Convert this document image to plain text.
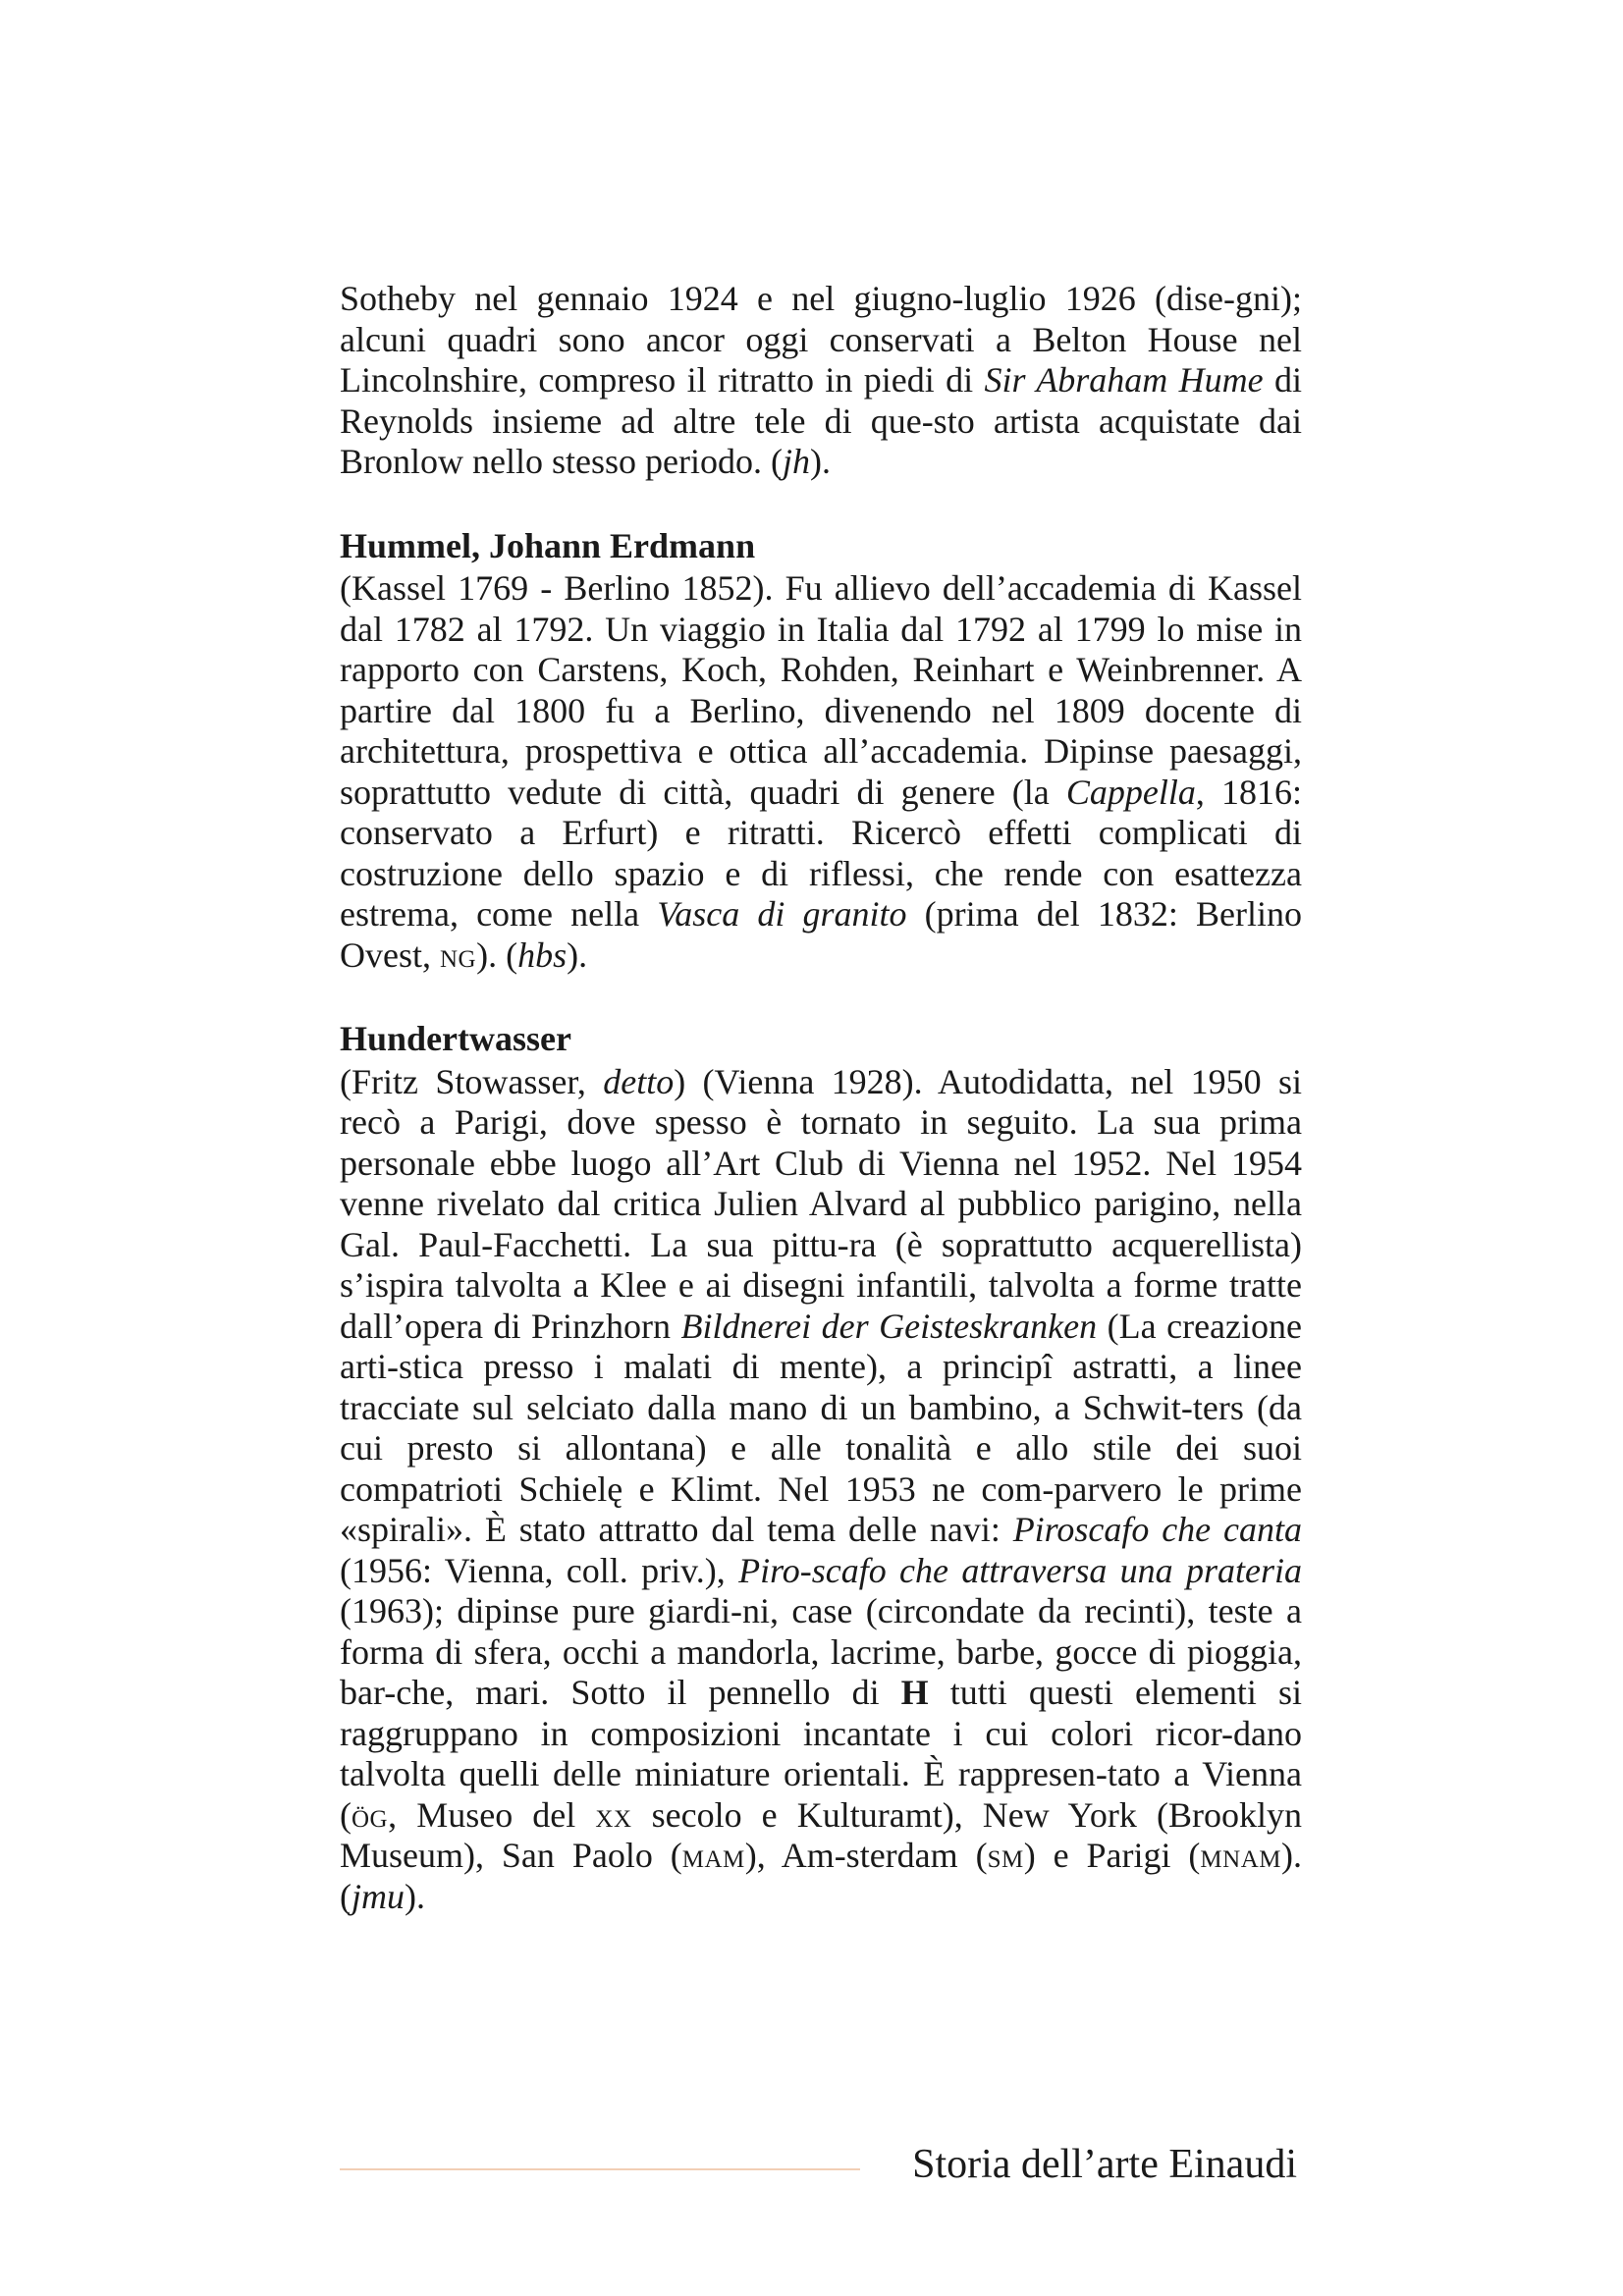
Sotheby nel gennaio 1924 e nel giugno-luglio 1926 (dise-gni); alcuni quadri sono ancor oggi conservati a Belton House nel Lincolnshire, compreso il ritratto in piedi di Sir Abraham Hume di Reynolds insieme ad altre tele di que-sto artista acquistate dai Bronlow nello stesso periodo. (jh).

Hummel, Johann Erdmann

(Kassel 1769 - Berlino 1852). Fu allievo dell’accademia di Kassel dal 1782 al 1792. Un viaggio in Italia dal 1792 al 1799 lo mise in rapporto con Carstens, Koch, Rohden, Reinhart e Weinbrenner. A partire dal 1800 fu a Berlino, divenendo nel 1809 docente di architettura, prospettiva e ottica all’accademia. Dipinse paesaggi, soprattutto vedute di città, quadri di genere (la Cappella, 1816: conservato a Erfurt) e ritratti. Ricercò effetti complicati di costruzione dello spazio e di riflessi, che rende con esattezza estrema, come nella Vasca di granito (prima del 1832: Berlino Ovest, ng). (hbs).

Hundertwasser

(Fritz Stowasser, detto) (Vienna 1928). Autodidatta, nel 1950 si recò a Parigi, dove spesso è tornato in seguito. La sua prima personale ebbe luogo all’Art Club di Vienna nel 1952. Nel 1954 venne rivelato dal critica Julien Alvard al pubblico parigino, nella Gal. Paul-Facchetti. La sua pittu-ra (è soprattutto acquerellista) s’ispira talvolta a Klee e ai disegni infantili, talvolta a forme tratte dall’opera di Prinzhorn Bildnerei der Geisteskranken (La creazione arti-stica presso i malati di mente), a principî astratti, a linee tracciate sul selciato dalla mano di un bambino, a Schwit-ters (da cui presto si allontana) e alle tonalità e allo stile dei suoi compatrioti Schielę e Klimt. Nel 1953 ne com-parvero le prime «spirali». È stato attratto dal tema delle navi: Piroscafo che canta (1956: Vienna, coll. priv.), Piro-scafo che attraversa una prateria (1963); dipinse pure giardi-ni, case (circondate da recinti), teste a forma di sfera, occhi a mandorla, lacrime, barbe, gocce di pioggia, bar-che, mari. Sotto il pennello di H tutti questi elementi si raggruppano in composizioni incantate i cui colori ricor-dano talvolta quelli delle miniature orientali. È rappresen-tato a Vienna (ög, Museo del xx secolo e Kulturamt), New York (Brooklyn Museum), San Paolo (mam), Am-sterdam (sm) e Parigi (mnam). (jmu).

Storia dell’arte Einaudi
